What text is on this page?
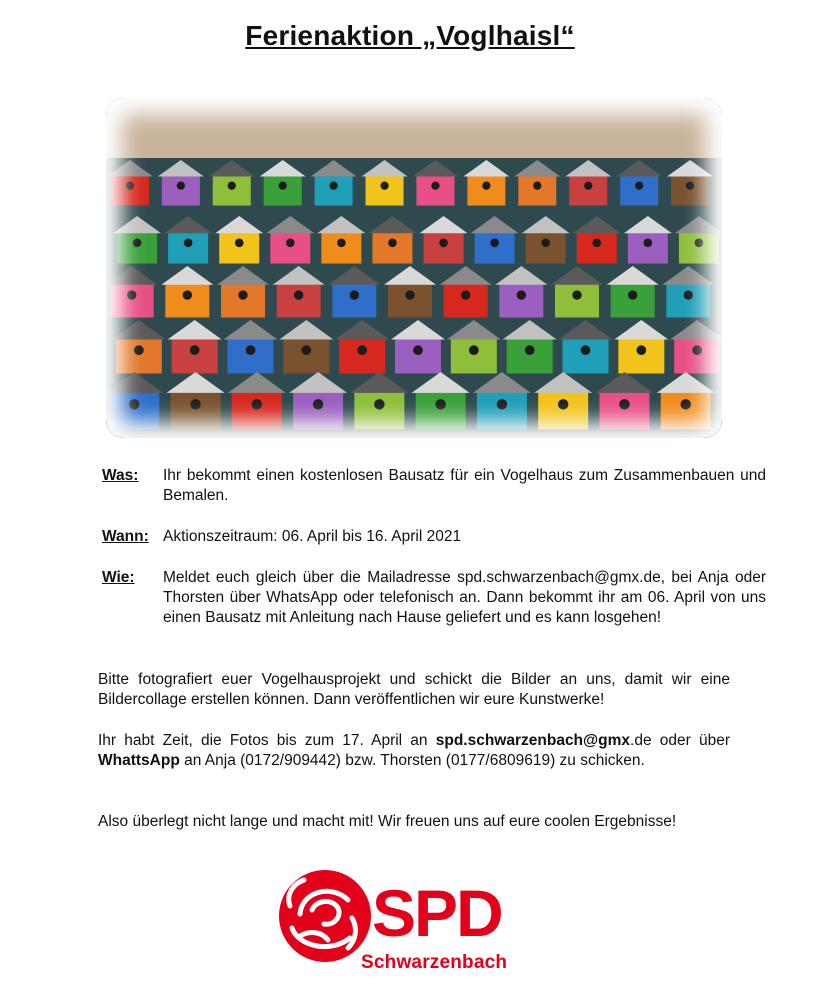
Ferienaktion „Voglhaisl“
Was: Ihr bekommt einen kostenlosen Bausatz für ein Vogelhaus zum Zusammenbauen und Bemalen.
Wann: Aktionszeitraum: 06. April bis 16. April 2021
Wie: Meldet euch gleich über die Mailadresse spd.schwarzenbach@gmx.de, bei Anja oder Thorsten über WhatsApp oder telefonisch an. Dann bekommt ihr am 06. April von uns einen Bausatz mit Anleitung nach Hause geliefert und es kann losgehen!
Bitte fotografiert euer Vogelhausprojekt und schickt die Bilder an uns, damit wir eine Bildercollage erstellen können. Dann veröffentlichen wir eure Kunstwerke!
Ihr habt Zeit, die Fotos bis zum 17. April an spd.schwarzenbach@gmx.de oder über WhattsApp an Anja (0172/909442) bzw. Thorsten (0177/6809619) zu schicken.
Also überlegt nicht lange und macht mit! Wir freuen uns auf eure coolen Ergebnisse!
SPD
Schwarzenbach
